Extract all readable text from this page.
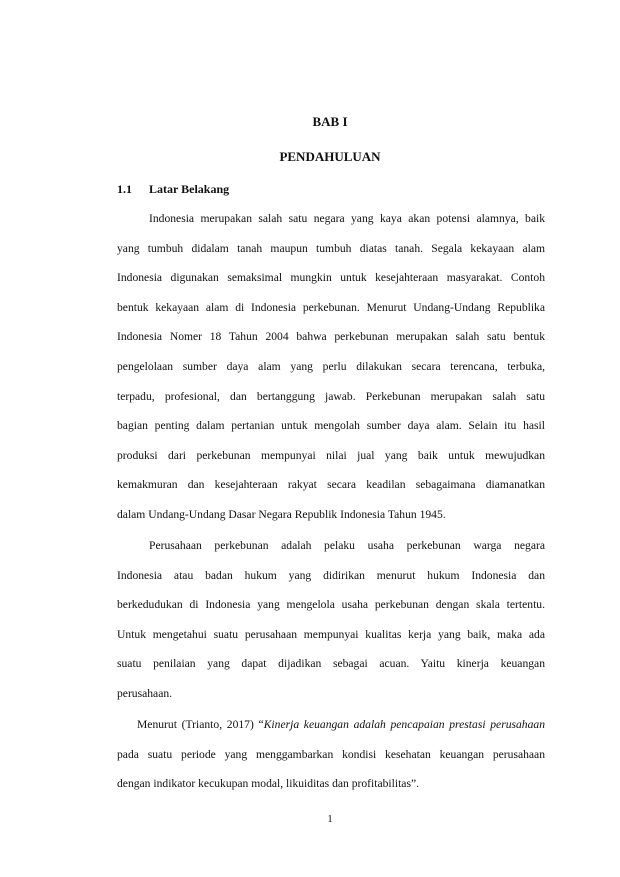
BAB I
PENDAHULUAN
1.1 Latar Belakang
Indonesia merupakan salah satu negara yang kaya akan potensi alamnya, baik
yang tumbuh didalam tanah maupun tumbuh diatas tanah. Segala kekayaan alam
Indonesia digunakan semaksimal mungkin untuk kesejahteraan masyarakat. Contoh
bentuk kekayaan alam di Indonesia perkebunan. Menurut Undang-Undang Republika
Indonesia Nomer 18 Tahun 2004 bahwa perkebunan merupakan salah satu bentuk
pengelolaan sumber daya alam yang perlu dilakukan secara terencana, terbuka,
terpadu, profesional, dan bertanggung jawab. Perkebunan merupakan salah satu
bagian penting dalam pertanian untuk mengolah sumber daya alam. Selain itu hasil
produksi dari perkebunan mempunyai nilai jual yang baik untuk mewujudkan
kemakmuran dan kesejahteraan rakyat secara keadilan sebagaimana diamanatkan
dalam Undang-Undang Dasar Negara Republik Indonesia Tahun 1945.
Perusahaan perkebunan adalah pelaku usaha perkebunan warga negara
Indonesia atau badan hukum yang didirikan menurut hukum Indonesia dan
berkedudukan di Indonesia yang mengelola usaha perkebunan dengan skala tertentu.
Untuk mengetahui suatu perusahaan mempunyai kualitas kerja yang baik, maka ada
suatu penilaian yang dapat dijadikan sebagai acuan. Yaitu kinerja keuangan
perusahaan.
Menurut (Trianto, 2017) “Kinerja keuangan adalah pencapaian prestasi perusahaan
pada suatu periode yang menggambarkan kondisi kesehatan keuangan perusahaan
dengan indikator kecukupan modal, likuiditas dan profitabilitas”.
1
